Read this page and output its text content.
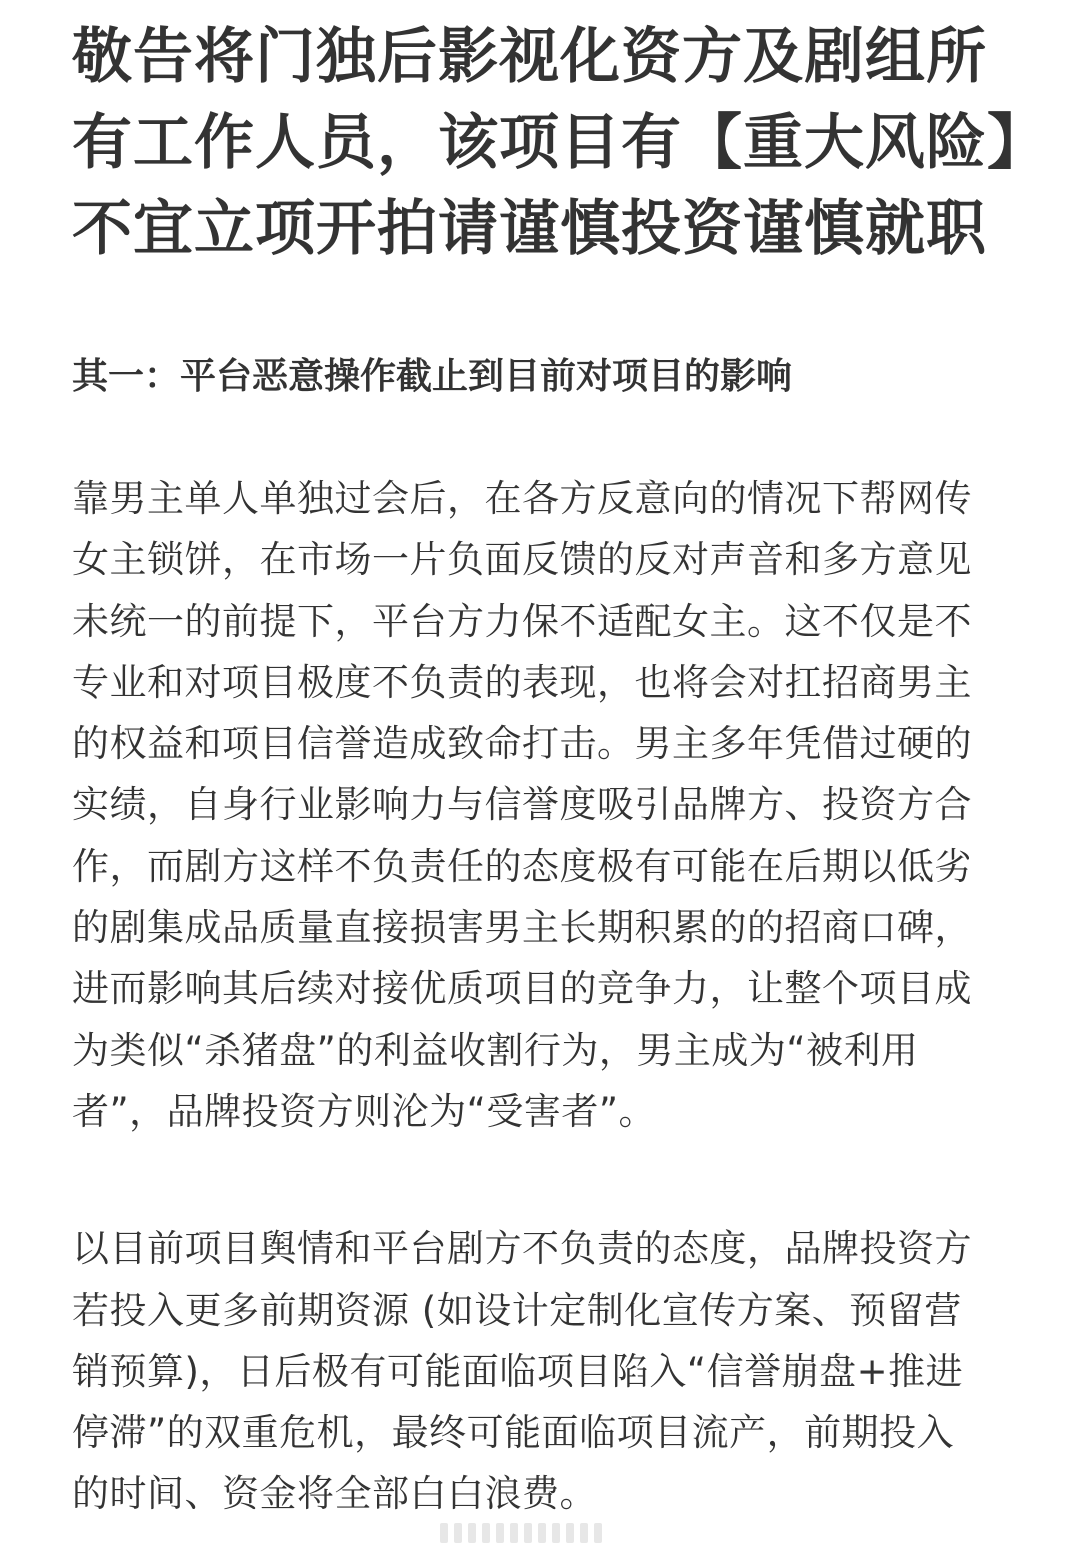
敬告将门独后影视化资方及剧组所
有工作人员，该项目有【重大风险】
不宜立项开拍请谨慎投资谨慎就职
其一：平台恶意操作截止到目前对项目的影响

靠男主单人单独过会后，在各方反意向的情况下帮网传
女主锁饼，在市场一片负面反馈的反对声音和多方意见
未统一的前提下，平台方力保不适配女主。这不仅是不
专业和对项目极度不负责的表现，也将会对扛招商男主
的权益和项目信誉造成致命打击。男主多年凭借过硬的
实绩，自身行业影响力与信誉度吸引品牌方、投资方合
作，而剧方这样不负责任的态度极有可能在后期以低劣
的剧集成品质量直接损害男主长期积累的的招商口碑，
进而影响其后续对接优质项目的竞争力，让整个项目成
为类似“杀猪盘”的利益收割行为，男主成为“被利用
者”，品牌投资方则沦为“受害者”。

以目前项目舆情和平台剧方不负责的态度，品牌投资方
若投入更多前期资源 (如设计定制化宣传方案、预留营
销预算)，日后极有可能面临项目陷入“信誉崩盘+推进
停滞”的双重危机，最终可能面临项目流产，前期投入
的时间、资金将全部白白浪费。
